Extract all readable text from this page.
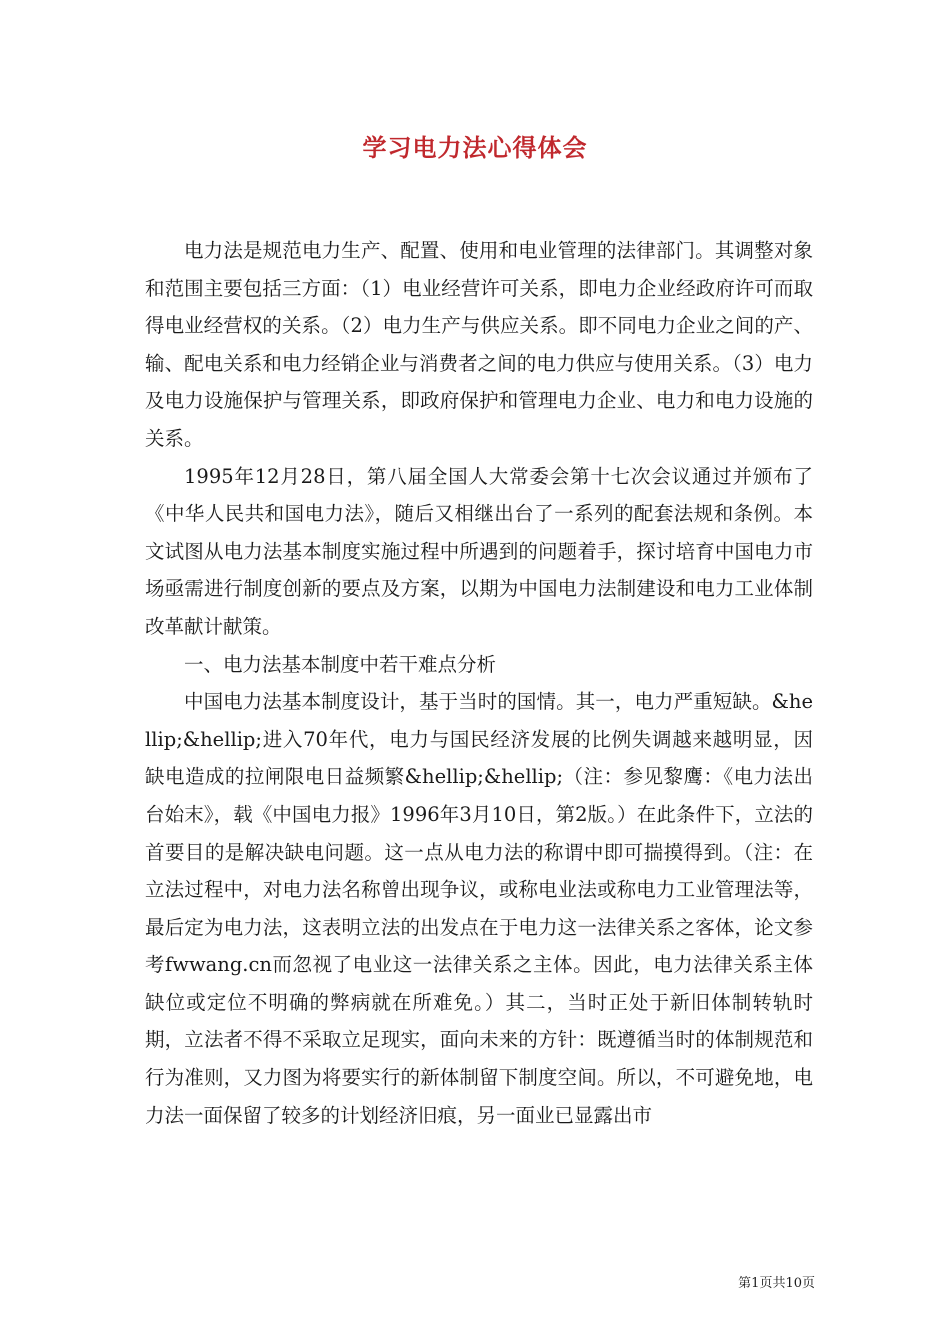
学习电力法心得体会

电力法是规范电力生产、配置、使用和电业管理的法律部门。其调整对象和范围主要包括三方面：（1）电业经营许可关系，即电力企业经政府许可而取得电业经营权的关系。（2）电力生产与供应关系。即不同电力企业之间的产、输、配电关系和电力经销企业与消费者之间的电力供应与使用关系。（3）电力及电力设施保护与管理关系，即政府保护和管理电力企业、电力和电力设施的关系。

1995年12月28日，第八届全国人大常委会第十七次会议通过并颁布了《中华人民共和国电力法》，随后又相继出台了一系列的配套法规和条例。本文试图从电力法基本制度实施过程中所遇到的问题着手，探讨培育中国电力市场亟需进行制度创新的要点及方案，以期为中国电力法制建设和电力工业体制改革献计献策。

一、电力法基本制度中若干难点分析

中国电力法基本制度设计，基于当时的国情。其一，电力严重短缺。&hellip;&hellip;进入70年代，电力与国民经济发展的比例失调越来越明显，因缺电造成的拉闸限电日益频繁&hellip;&hellip;（注：参见黎鹰：《电力法出台始末》，载《中国电力报》1996年3月10日，第2版。）在此条件下，立法的首要目的是解决缺电问题。这一点从电力法的称谓中即可揣摸得到。（注：在立法过程中，对电力法名称曾出现争议，或称电业法或称电力工业管理法等，最后定为电力法，这表明立法的出发点在于电力这一法律关系之客体，论文参考fwwang.cn而忽视了电业这一法律关系之主体。因此，电力法律关系主体缺位或定位不明确的弊病就在所难免。）其二，当时正处于新旧体制转轨时期，立法者不得不采取立足现实，面向未来的方针：既遵循当时的体制规范和行为准则，又力图为将要实行的新体制留下制度空间。所以，不可避免地，电力法一面保留了较多的计划经济旧痕，另一面业已显露出市

第1页共10页
